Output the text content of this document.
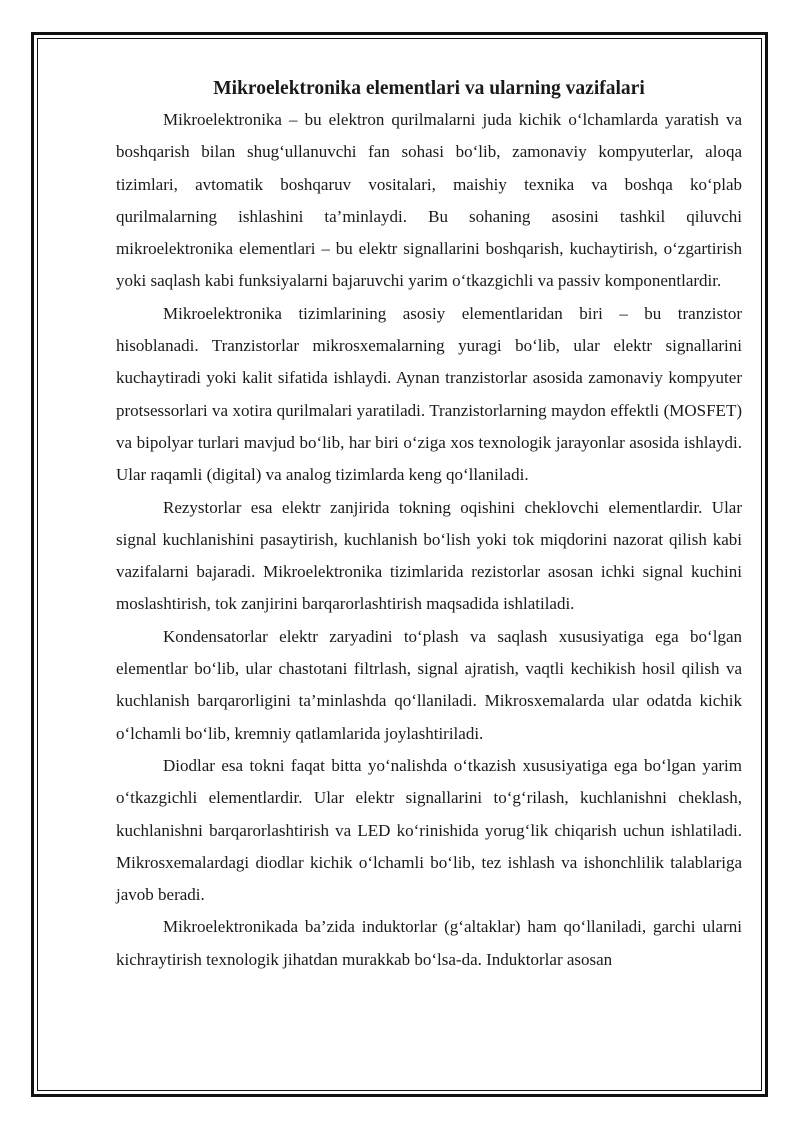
Mikroelektronika elementlari va ularning vazifalari

Mikroelektronika – bu elektron qurilmalarni juda kichik o‘lchamlarda yaratish va boshqarish bilan shug‘ullanuvchi fan sohasi bo‘lib, zamonaviy kompyuterlar, aloqa tizimlari, avtomatik boshqaruv vositalari, maishiy texnika va boshqa ko‘plab qurilmalarning ishlashini ta’minlaydi. Bu sohaning asosini tashkil qiluvchi mikroelektronika elementlari – bu elektr signallarini boshqarish, kuchaytirish, o‘zgartirish yoki saqlash kabi funksiyalarni bajaruvchi yarim o‘tkazgichli va passiv komponentlardir.

Mikroelektronika tizimlarining asosiy elementlaridan biri – bu tranzistor hisoblanadi. Tranzistorlar mikrosxemalarning yuragi bo‘lib, ular elektr signallarini kuchaytiradi yoki kalit sifatida ishlaydi. Aynan tranzistorlar asosida zamonaviy kompyuter protsessorlari va xotira qurilmalari yaratiladi. Tranzistorlarning maydon effektli (MOSFET) va bipolyar turlari mavjud bo‘lib, har biri o‘ziga xos texnologik jarayonlar asosida ishlaydi. Ular raqamli (digital) va analog tizimlarda keng qo‘llaniladi.

Rezystorlar esa elektr zanjirida tokning oqishini cheklovchi elementlardir. Ular signal kuchlanishini pasaytirish, kuchlanish bo‘lish yoki tok miqdorini nazorat qilish kabi vazifalarni bajaradi. Mikroelektronika tizimlarida rezistorlar asosan ichki signal kuchini moslashtirish, tok zanjirini barqarorlashtirish maqsadida ishlatiladi.

Kondensatorlar elektr zaryadini to‘plash va saqlash xususiyatiga ega bo‘lgan elementlar bo‘lib, ular chastotani filtrlash, signal ajratish, vaqtli kechikish hosil qilish va kuchlanish barqarorligini ta’minlashda qo‘llaniladi. Mikrosxemalarda ular odatda kichik o‘lchamli bo‘lib, kremniy qatlamlarida joylashtiriladi.

Diodlar esa tokni faqat bitta yo‘nalishda o‘tkazish xususiyatiga ega bo‘lgan yarim o‘tkazgichli elementlardir. Ular elektr signallarini to‘g‘rilash, kuchlanishni cheklash, kuchlanishni barqarorlashtirish va LED ko‘rinishida yorug‘lik chiqarish uchun ishlatiladi. Mikrosxemalardagi diodlar kichik o‘lchamli bo‘lib, tez ishlash va ishonchlilik talablariga javob beradi.

Mikroelektronikada ba’zida induktorlar (g‘altaklar) ham qo‘llaniladi, garchi ularni kichraytirish texnologik jihatdan murakkab bo‘lsa-da. Induktorlar asosan
